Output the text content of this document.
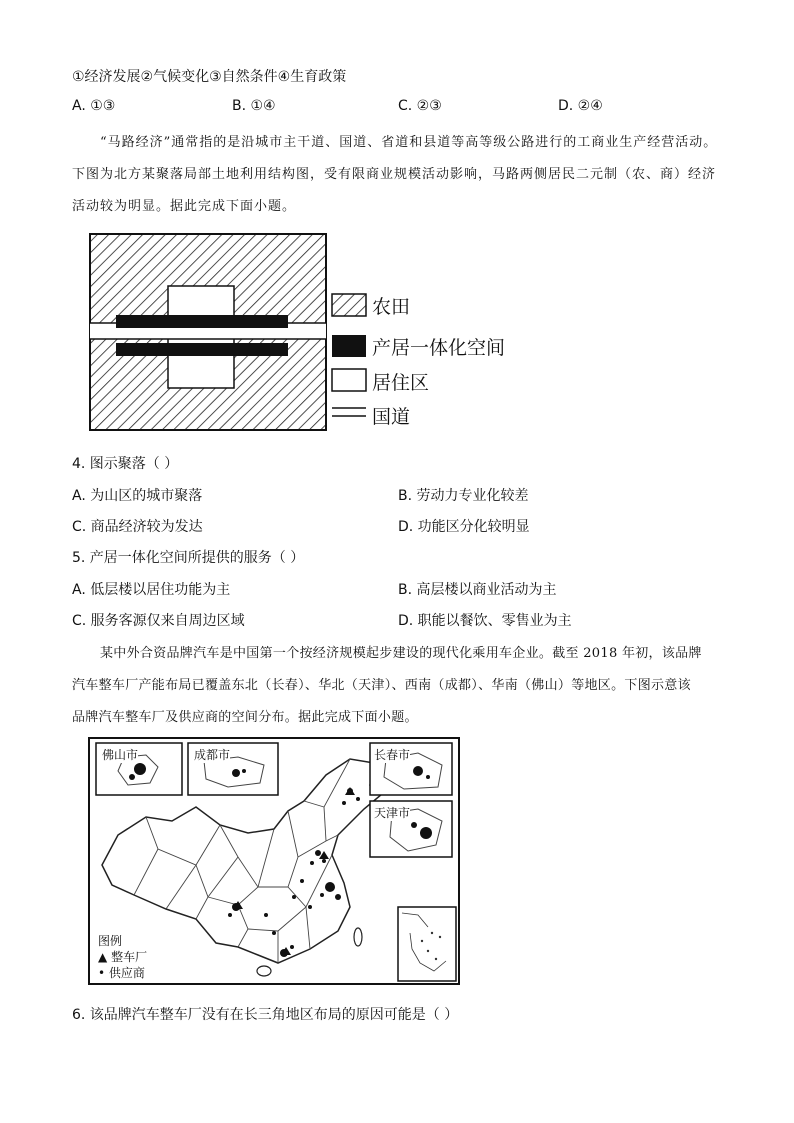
①经济发展②气候变化③自然条件④生育政策
A. ①③	B. ①④	C. ②③	D. ②④
“马路经济”通常指的是沿城市主干道、国道、省道和县道等高等级公路进行的工商业生产经营活动。
下图为北方某聚落局部土地利用结构图，受有限商业规模活动影响，马路两侧居民二元制（农、商）经济
活动较为明显。据此完成下面小题。
农田
产居一体化空间
居住区
国道
4. 图示聚落（ ）
A. 为山区的城市聚落	B. 劳动力专业化较差
C. 商品经济较为发达	D. 功能区分化较明显
5. 产居一体化空间所提供的服务（ ）
A. 低层楼以居住功能为主	B. 高层楼以商业活动为主
C. 服务客源仅来自周边区域	D. 职能以餐饮、零售业为主
某中外合资品牌汽车是中国第一个按经济规模起步建设的现代化乘用车企业。截至 2018 年初，该品牌
汽车整车厂产能布局已覆盖东北（长春）、华北（天津）、西南（成都）、华南（佛山）等地区。下图示意该
品牌汽车整车厂及供应商的空间分布。据此完成下面小题。
佛山市	成都市	长春市
天津市
图例
▲ 整车厂
• 供应商
6. 该品牌汽车整车厂没有在长三角地区布局的原因可能是（ ）
